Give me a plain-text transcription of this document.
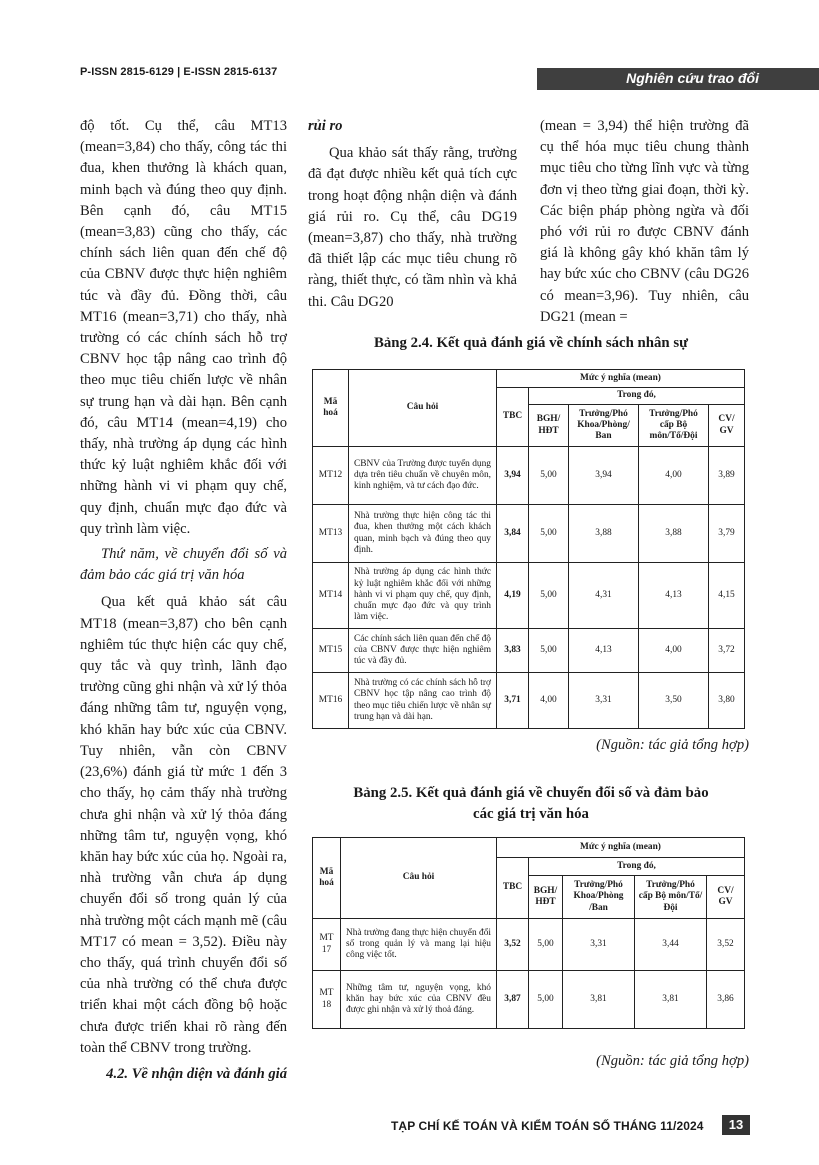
P-ISSN 2815-6129 | E-ISSN 2815-6137	Nghiên cứu trao đổi

độ tốt. Cụ thể, câu MT13 (mean=3,84) cho thấy, công tác thi đua, khen thưởng là khách quan, minh bạch và đúng theo quy định. Bên cạnh đó, câu MT15 (mean=3,83) cũng cho thấy, các chính sách liên quan đến chế độ của CBNV được thực hiện nghiêm túc và đầy đủ. Đồng thời, câu MT16 (mean=3,71) cho thấy, nhà trường có các chính sách hỗ trợ CBNV học tập nâng cao trình độ theo mục tiêu chiến lược về nhân sự trung hạn và dài hạn. Bên cạnh đó, câu MT14 (mean=4,19) cho thấy, nhà trường áp dụng các hình thức kỷ luật nghiêm khắc đối với những hành vi vi phạm quy chế, quy định, chuẩn mực đạo đức và quy trình làm việc.

Thứ năm, về chuyển đổi số và đảm bảo các giá trị văn hóa

Qua kết quả khảo sát câu MT18 (mean=3,87) cho bên cạnh nghiêm túc thực hiện các quy chế, quy tắc và quy trình, lãnh đạo trường cũng ghi nhận và xử lý thỏa đáng những tâm tư, nguyện vọng, khó khăn hay bức xúc của CBNV. Tuy nhiên, vẫn còn CBNV (23,6%) đánh giá từ mức 1 đến 3 cho thấy, họ cảm thấy nhà trường chưa ghi nhận và xử lý thỏa đáng những tâm tư, nguyện vọng, khó khăn hay bức xúc của họ. Ngoài ra, nhà trường vẫn chưa áp dụng chuyển đổi số trong quản lý của nhà trường một cách mạnh mẽ (câu MT17 có mean = 3,52). Điều này cho thấy, quá trình chuyển đổi số của nhà trường có thể chưa được triển khai một cách đồng bộ hoặc chưa được triển khai rõ ràng đến toàn thể CBNV trong trường.

4.2. Về nhận diện và đánh giá

rủi ro

Qua khảo sát thấy rằng, trường đã đạt được nhiều kết quả tích cực trong hoạt động nhận diện và đánh giá rủi ro. Cụ thể, câu DG19 (mean=3,87) cho thấy, nhà trường đã thiết lập các mục tiêu chung rõ ràng, thiết thực, có tầm nhìn và khả thi. Câu DG20

(mean = 3,94) thể hiện trường đã cụ thể hóa mục tiêu chung thành mục tiêu cho từng lĩnh vực và từng đơn vị theo từng giai đoạn, thời kỳ. Các biện pháp phòng ngừa và đối phó với rủi ro được CBNV đánh giá là không gây khó khăn tâm lý hay bức xúc cho CBNV (câu DG26 có mean=3,96). Tuy nhiên, câu DG21 (mean =

Bảng 2.4. Kết quả đánh giá về chính sách nhân sự
Mã hoá	Câu hỏi	Mức ý nghĩa (mean)				
		TBC	Trong đó,			
			BGH/ HĐT	Trưởng/Phó Khoa/Phòng/ Ban	Trưởng/Phó cấp Bộ môn/Tổ/Đội	CV/ GV
MT12	CBNV của Trường được tuyển dụng dựa trên tiêu chuẩn về chuyên môn, kinh nghiệm, và tư cách đạo đức.	3,94	5,00	3,94	4,00	3,89
MT13	Nhà trường thực hiện công tác thi đua, khen thưởng một cách khách quan, minh bạch và đúng theo quy định.	3,84	5,00	3,88	3,88	3,79
MT14	Nhà trường áp dụng các hình thức kỷ luật nghiêm khắc đối với những hành vi vi phạm quy chế, quy định, chuẩn mực đạo đức và quy trình làm việc.	4,19	5,00	4,31	4,13	4,15
MT15	Các chính sách liên quan đến chế độ của CBNV được thực hiện nghiêm túc và đầy đủ.	3,83	5,00	4,13	4,00	3,72
MT16	Nhà trường có các chính sách hỗ trợ CBNV học tập nâng cao trình độ theo mục tiêu chiến lược về nhân sự trung hạn và dài hạn.	3,71	4,00	3,31	3,50	3,80
(Nguồn: tác giả tổng hợp)
Bảng 2.5. Kết quả đánh giá về chuyển đổi số và đảm bảo
các giá trị văn hóa
Mã hoá	Câu hỏi	Mức ý nghĩa (mean)				
		TBC	Trong đó,			
			BGH/ HĐT	Trưởng/Phó Khoa/Phòng /Ban	Trưởng/Phó cấp Bộ môn/Tổ/Đội	CV/ GV
MT 17	Nhà trường đang thực hiện chuyển đổi số trong quản lý và mang lại hiệu công việc tốt.	3,52	5,00	3,31	3,44	3,52
MT 18	Những tâm tư, nguyện vọng, khó khăn hay bức xúc của CBNV đều được ghi nhận và xử lý thoả đáng.	3,87	5,00	3,81	3,81	3,86
(Nguồn: tác giả tổng hợp)
TẠP CHÍ KẾ TOÁN VÀ KIỂM TOÁN SỐ THÁNG 11/2024	13
